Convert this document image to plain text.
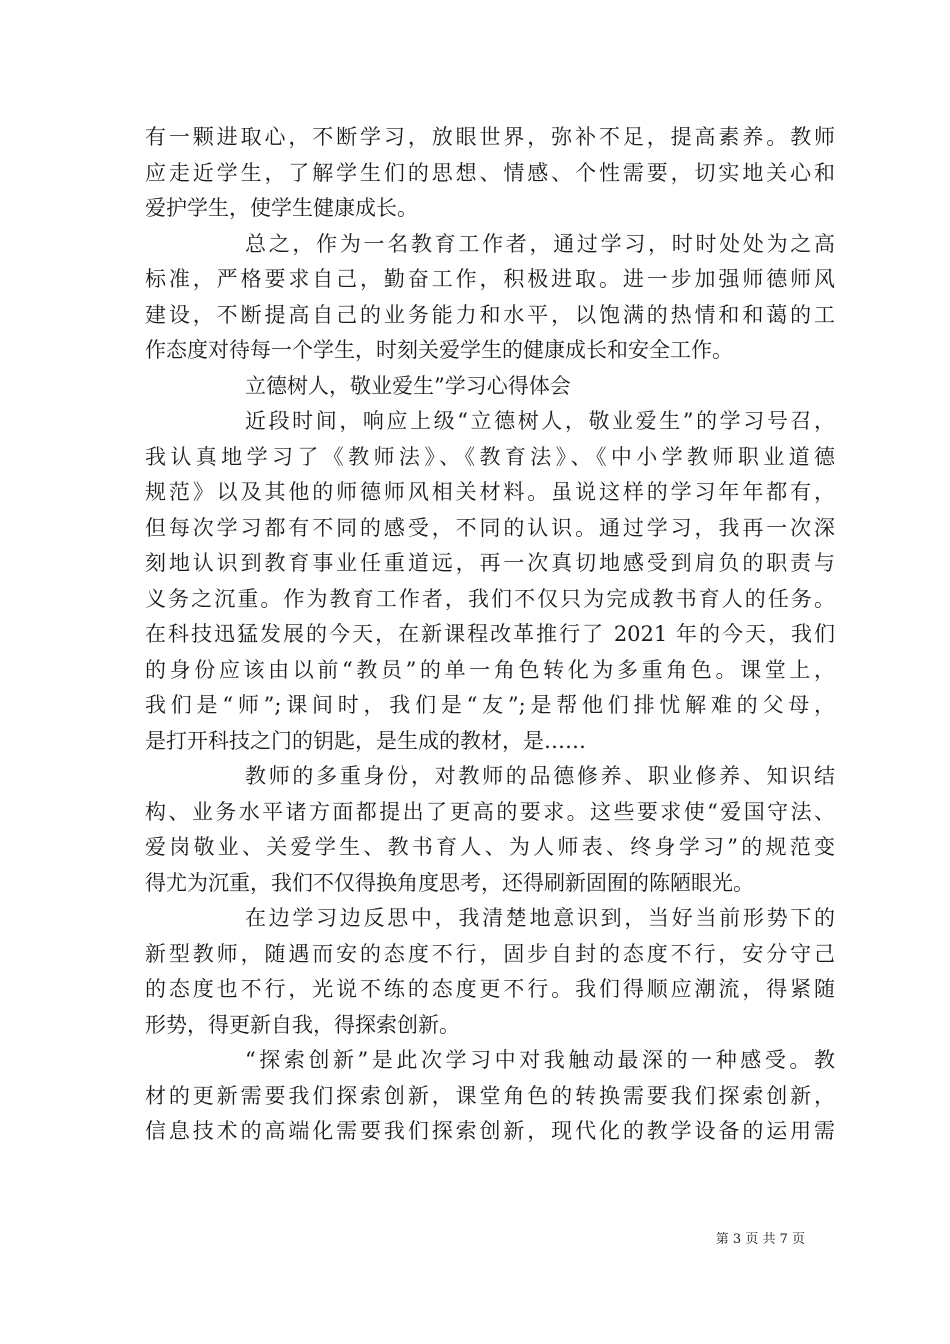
有一颗进取心，不断学习，放眼世界，弥补不足，提高素养。教师
应走近学生，了解学生们的思想、情感、个性需要，切实地关心和
爱护学生，使学生健康成长。
总之，作为一名教育工作者，通过学习，时时处处为之高
标准，严格要求自己，勤奋工作，积极进取。进一步加强师德师风
建设，不断提高自己的业务能力和水平，以饱满的热情和和蔼的工
作态度对待每一个学生，时刻关爱学生的健康成长和安全工作。
立德树人，敬业爱生”学习心得体会
近段时间，响应上级“立德树人，敬业爱生”的学习号召，
我认真地学习了《教师法》、《教育法》、《中小学教师职业道德
规范》以及其他的师德师风相关材料。虽说这样的学习年年都有，
但每次学习都有不同的感受，不同的认识。通过学习，我再一次深
刻地认识到教育事业任重道远，再一次真切地感受到肩负的职责与
义务之沉重。作为教育工作者，我们不仅只为完成教书育人的任务。
在科技迅猛发展的今天，在新课程改革推行了 2021 年的今天，我们
的身份应该由以前“教员”的单一角色转化为多重角色。课堂上，
我们是“师”;课间时，我们是“友”;是帮他们排忧解难的父母，
是打开科技之门的钥匙，是生成的教材，是……
教师的多重身份，对教师的品德修养、职业修养、知识结
构、业务水平诸方面都提出了更高的要求。这些要求使“爱国守法、
爱岗敬业、关爱学生、教书育人、为人师表、终身学习”的规范变
得尤为沉重，我们不仅得换角度思考，还得刷新固囿的陈陋眼光。
在边学习边反思中，我清楚地意识到，当好当前形势下的
新型教师，随遇而安的态度不行，固步自封的态度不行，安分守己
的态度也不行，光说不练的态度更不行。我们得顺应潮流，得紧随
形势，得更新自我，得探索创新。
“探索创新”是此次学习中对我触动最深的一种感受。教
材的更新需要我们探索创新，课堂角色的转换需要我们探索创新，
信息技术的高端化需要我们探索创新，现代化的教学设备的运用需
第 3 页 共 7 页
